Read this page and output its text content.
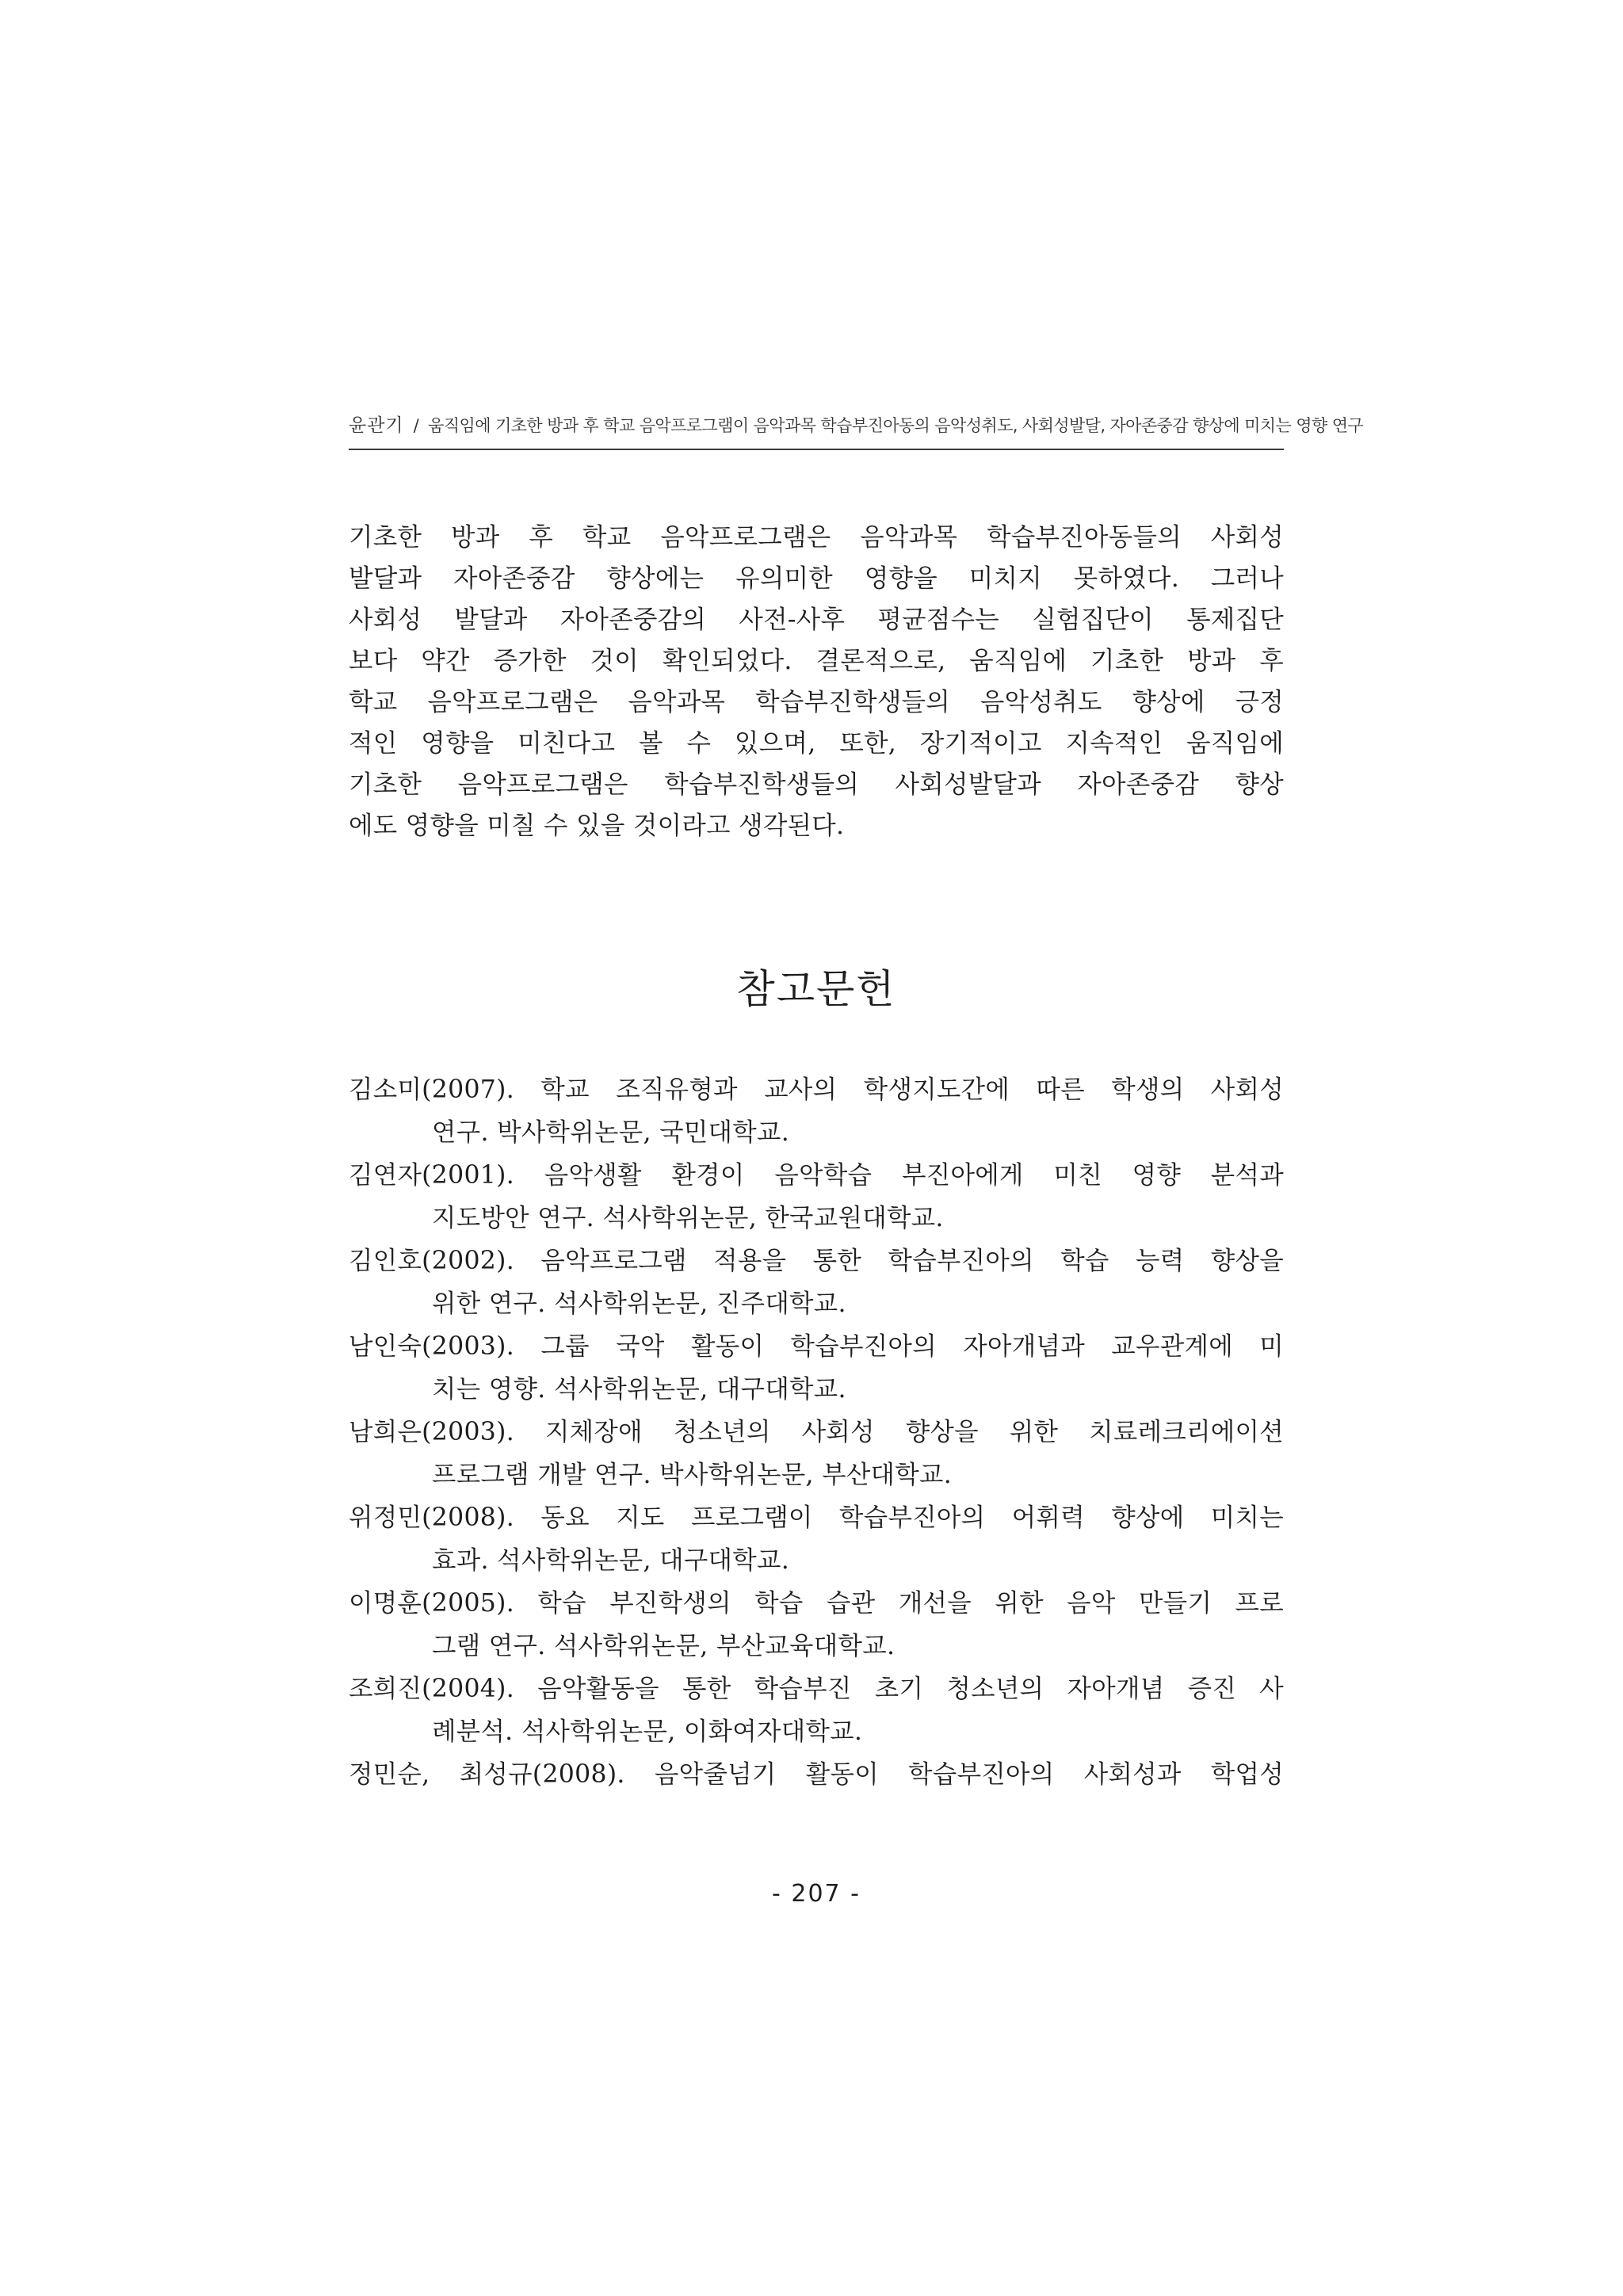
윤관기 / 움직임에 기초한 방과 후 학교 음악프로그램이 음악과목 학습부진아동의 음악성취도, 사회성발달, 자아존중감 향상에 미치는 영향 연구
기초한 방과 후 학교 음악프로그램은 음악과목 학습부진아동들의 사회성
발달과 자아존중감 향상에는 유의미한 영향을 미치지 못하였다. 그러나
사회성 발달과 자아존중감의 사전-사후 평균점수는 실험집단이 통제집단
보다 약간 증가한 것이 확인되었다. 결론적으로, 움직임에 기초한 방과 후
학교 음악프로그램은 음악과목 학습부진학생들의 음악성취도 향상에 긍정
적인 영향을 미친다고 볼 수 있으며, 또한, 장기적이고 지속적인 움직임에
기초한 음악프로그램은 학습부진학생들의 사회성발달과 자아존중감 향상
에도 영향을 미칠 수 있을 것이라고 생각된다.
참고문헌
김소미(2007). 학교 조직유형과 교사의 학생지도간에 따른 학생의 사회성
연구. 박사학위논문, 국민대학교.
김연자(2001). 음악생활 환경이 음악학습 부진아에게 미친 영향 분석과
지도방안 연구. 석사학위논문, 한국교원대학교.
김인호(2002). 음악프로그램 적용을 통한 학습부진아의 학습 능력 향상을
위한 연구. 석사학위논문, 진주대학교.
남인숙(2003). 그룹 국악 활동이 학습부진아의 자아개념과 교우관계에 미
치는 영향. 석사학위논문, 대구대학교.
남희은(2003). 지체장애 청소년의 사회성 향상을 위한 치료레크리에이션
프로그램 개발 연구. 박사학위논문, 부산대학교.
위정민(2008). 동요 지도 프로그램이 학습부진아의 어휘력 향상에 미치는
효과. 석사학위논문, 대구대학교.
이명훈(2005). 학습 부진학생의 학습 습관 개선을 위한 음악 만들기 프로
그램 연구. 석사학위논문, 부산교육대학교.
조희진(2004). 음악활동을 통한 학습부진 초기 청소년의 자아개념 증진 사
례분석. 석사학위논문, 이화여자대학교.
정민순, 최성규(2008). 음악줄넘기 활동이 학습부진아의 사회성과 학업성
- 207 -
